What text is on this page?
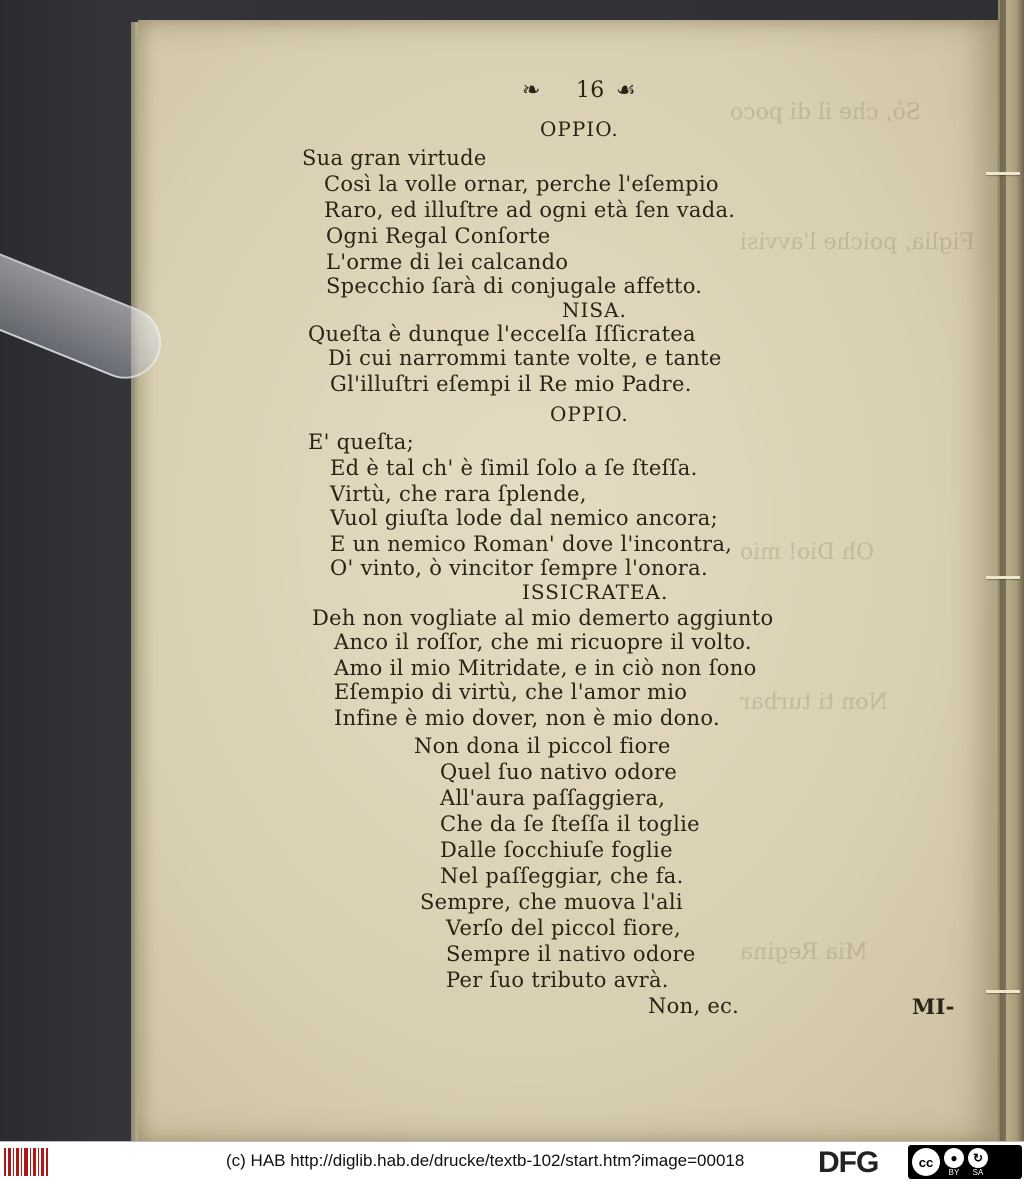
Sò, che il di poco
Figlia, poiche l'avvisi
Oh Dio! mio
Non ti turbar
Mia Regina
❧ 16 ☙
OPPIO.
Sua gran virtude
Così la volle ornar, perche l'eſempio
Raro, ed illuſtre ad ogni età ſen vada.
Ogni Regal Conſorte
L'orme di lei calcando
Specchio ſarà di conjugale affetto.
NISA.
Queſta è dunque l'eccelſa Iſſicratea
Di cui narrommi tante volte, e tante
Gl'illuſtri eſempi il Re mio Padre.
OPPIO.
E' queſta;
Ed è tal ch' è ſimil ſolo a ſe ſteſſa.
Virtù, che rara ſplende,
Vuol giuſta lode dal nemico ancora;
E un nemico Roman' dove l'incontra,
O' vinto, ò vincitor ſempre l'onora.
ISSICRATEA.
Deh non vogliate al mio demerto aggiunto
Anco il roſſor, che mi ricuopre il volto.
Amo il mio Mitridate, e in ciò non ſono
Eſempio di virtù, che l'amor mio
Infine è mio dover, non è mio dono.
Non dona il piccol fiore
Quel ſuo nativo odore
All'aura paſſaggiera,
Che da ſe ſteſſa il toglie
Dalle ſocchiuſe foglie
Nel paſſeggiar, che fa.
Sempre, che muova l'ali
Verſo del piccol fiore,
Sempre il nativo odore
Per ſuo tributo avrà.
Non, ec.	MI-
(c) HAB http://diglib.hab.de/drucke/textb-102/start.htm?image=00018 DFG	cc	●
BY
↻
SA
